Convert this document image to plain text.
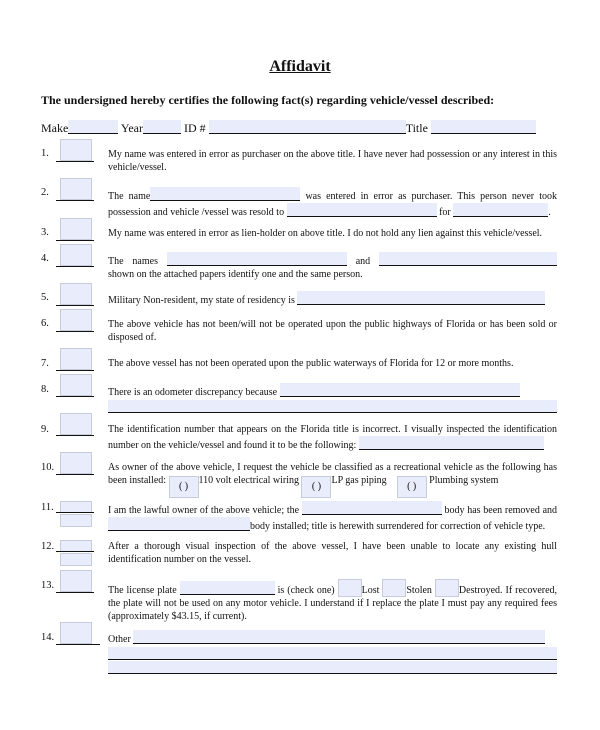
Affidavit
The undersigned hereby certifies the following fact(s) regarding vehicle/vessel described:
Make	Year	ID #	Title
1.	My name was entered in error as purchaser on the above title. I have never had possession or any interest in this vehicle/vessel.
2.	The name	was entered in error as purchaser. This person never took possession and vehicle /vessel was resold to	for	.
3.	My name was entered in error as lien-holder on above title. I do not hold any lien against this vehicle/vessel.
4.	The names	and  shown on the attached papers identify one and the same person.
5.	Military Non-resident, my state of residency is
6.	The above vehicle has not been/will not be operated upon the public highways of Florida or has been sold or disposed of.
7.	The above vessel has not been operated upon the public waterways of Florida for 12 or more months.
8.	There is an odometer discrepancy because
9.	The identification number that appears on the Florida title is incorrect. I visually inspected the identification number on the vehicle/vessel and found it to be the following:
10.	As owner of the above vehicle, I request the vehicle be classified as a recreational vehicle as the following has been installed: ( )110 volt electrical wiring ( )LP gas piping    ( ) Plumbing system
11.	I am the lawful owner of the above vehicle; the	body has been removed and body installed; title is herewith surrendered for correction of vehicle type.
12.	After a thorough visual inspection of the above vessel, I have been unable to locate any existing hull identification number on the vessel.
13.	The license plate	is (check one)	Lost	Stolen	Destroyed. If recovered, the plate will not be used on any motor vehicle. I understand if I replace the plate I must pay any required fees (approximately $43.15, if current).
14.	Other
